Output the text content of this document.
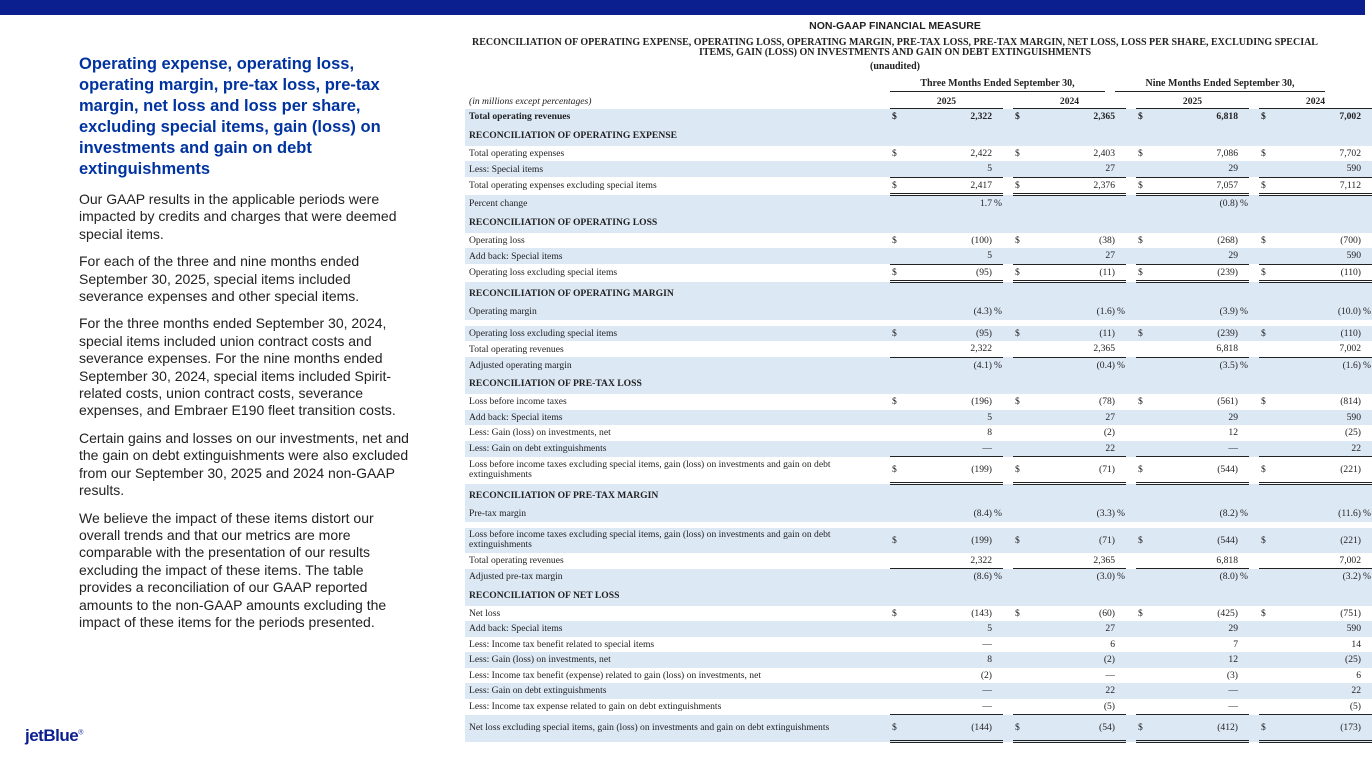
Operating expense, operating loss, operating margin, pre-tax loss, pre-tax margin, net loss and loss per share, excluding special items, gain (loss) on investments and gain on debt extinguishments

Our GAAP results in the applicable periods were impacted by credits and charges that were deemed special items.

For each of the three and nine months ended September 30, 2025, special items included severance expenses and other special items.

For the three months ended September 30, 2024, special items included union contract costs and severance expenses. For the nine months ended September 30, 2024, special items included Spirit-related costs, union contract costs, severance expenses, and Embraer E190 fleet transition costs.

Certain gains and losses on our investments, net and the gain on debt extinguishments were also excluded from our September 30, 2025 and 2024 non-GAAP results.

We believe the impact of these items distort our overall trends and that our metrics are more comparable with the presentation of our results excluding the impact of these items. The table provides a reconciliation of our GAAP reported amounts to the non-GAAP amounts excluding the impact of these items for the periods presented.

jetBlue®
NON-GAAP FINANCIAL MEASURE
RECONCILIATION OF OPERATING EXPENSE, OPERATING LOSS, OPERATING MARGIN, PRE-TAX LOSS, PRE-TAX MARGIN, NET LOSS, LOSS PER SHARE, EXCLUDING SPECIAL ITEMS, GAIN (LOSS) ON INVESTMENTS AND GAIN ON DEBT EXTINGUISHMENTS
(unaudited)
Three Months Ended September 30,	Nine Months Ended September 30,
(in millions except percentages)	2025				2024				2025				2024		
Total operating revenues	$	2,322			$	2,365			$	6,818			$	7,002	
RECONCILIATION OF OPERATING EXPENSE															
Total operating expenses	$	2,422			$	2,403			$	7,086			$	7,702	
Less: Special items		5				27				29				590	
Total operating expenses excluding special items	$	2,417			$	2,376			$	7,057			$	7,112	
Percent change		1.7	%							(0.8)	%				
RECONCILIATION OF OPERATING LOSS															
Operating loss	$	(100)			$	(38)			$	(268)			$	(700)	
Add back: Special items		5				27				29				590	
Operating loss excluding special items	$	(95)			$	(11)			$	(239)			$	(110)	
RECONCILIATION OF OPERATING MARGIN															
Operating margin		(4.3)	%			(1.6)	%			(3.9)	%			(10.0)	%

Operating loss excluding special items	$	(95)			$	(11)			$	(239)			$	(110)	
Total operating revenues		2,322				2,365				6,818				7,002	
Adjusted operating margin		(4.1)	%			(0.4)	%			(3.5)	%			(1.6)	%
RECONCILIATION OF PRE-TAX LOSS															
Loss before income taxes	$	(196)			$	(78)			$	(561)			$	(814)	
Add back: Special items		5				27				29				590	
Less: Gain (loss) on investments, net		8				(2)				12				(25)	
Less: Gain on debt extinguishments		—				22				—				22	
Loss before income taxes excluding special items, gain (loss) on investments and gain on debt extinguishments	$	(199)			$	(71)			$	(544)			$	(221)	
RECONCILIATION OF PRE-TAX MARGIN															
Pre-tax margin		(8.4)	%			(3.3)	%			(8.2)	%			(11.6)	%

Loss before income taxes excluding special items, gain (loss) on investments and gain on debt extinguishments	$	(199)			$	(71)			$	(544)			$	(221)	
Total operating revenues		2,322				2,365				6,818				7,002	
Adjusted pre-tax margin		(8.6)	%			(3.0)	%			(8.0)	%			(3.2)	%
RECONCILIATION OF NET LOSS															
Net loss	$	(143)			$	(60)			$	(425)			$	(751)	
Add back: Special items		5				27				29				590	
Less: Income tax benefit related to special items		—				6				7				14	
Less: Gain (loss) on investments, net		8				(2)				12				(25)	
Less: Income tax benefit (expense) related to gain (loss) on investments, net		(2)				—				(3)				6	
Less: Gain on debt extinguishments		—				22				—				22	
Less: Income tax expense related to gain on debt extinguishments		—				(5)				—				(5)	
Net loss excluding special items, gain (loss) on investments and gain on debt extinguishments	$	(144)			$	(54)			$	(412)			$	(173)	
